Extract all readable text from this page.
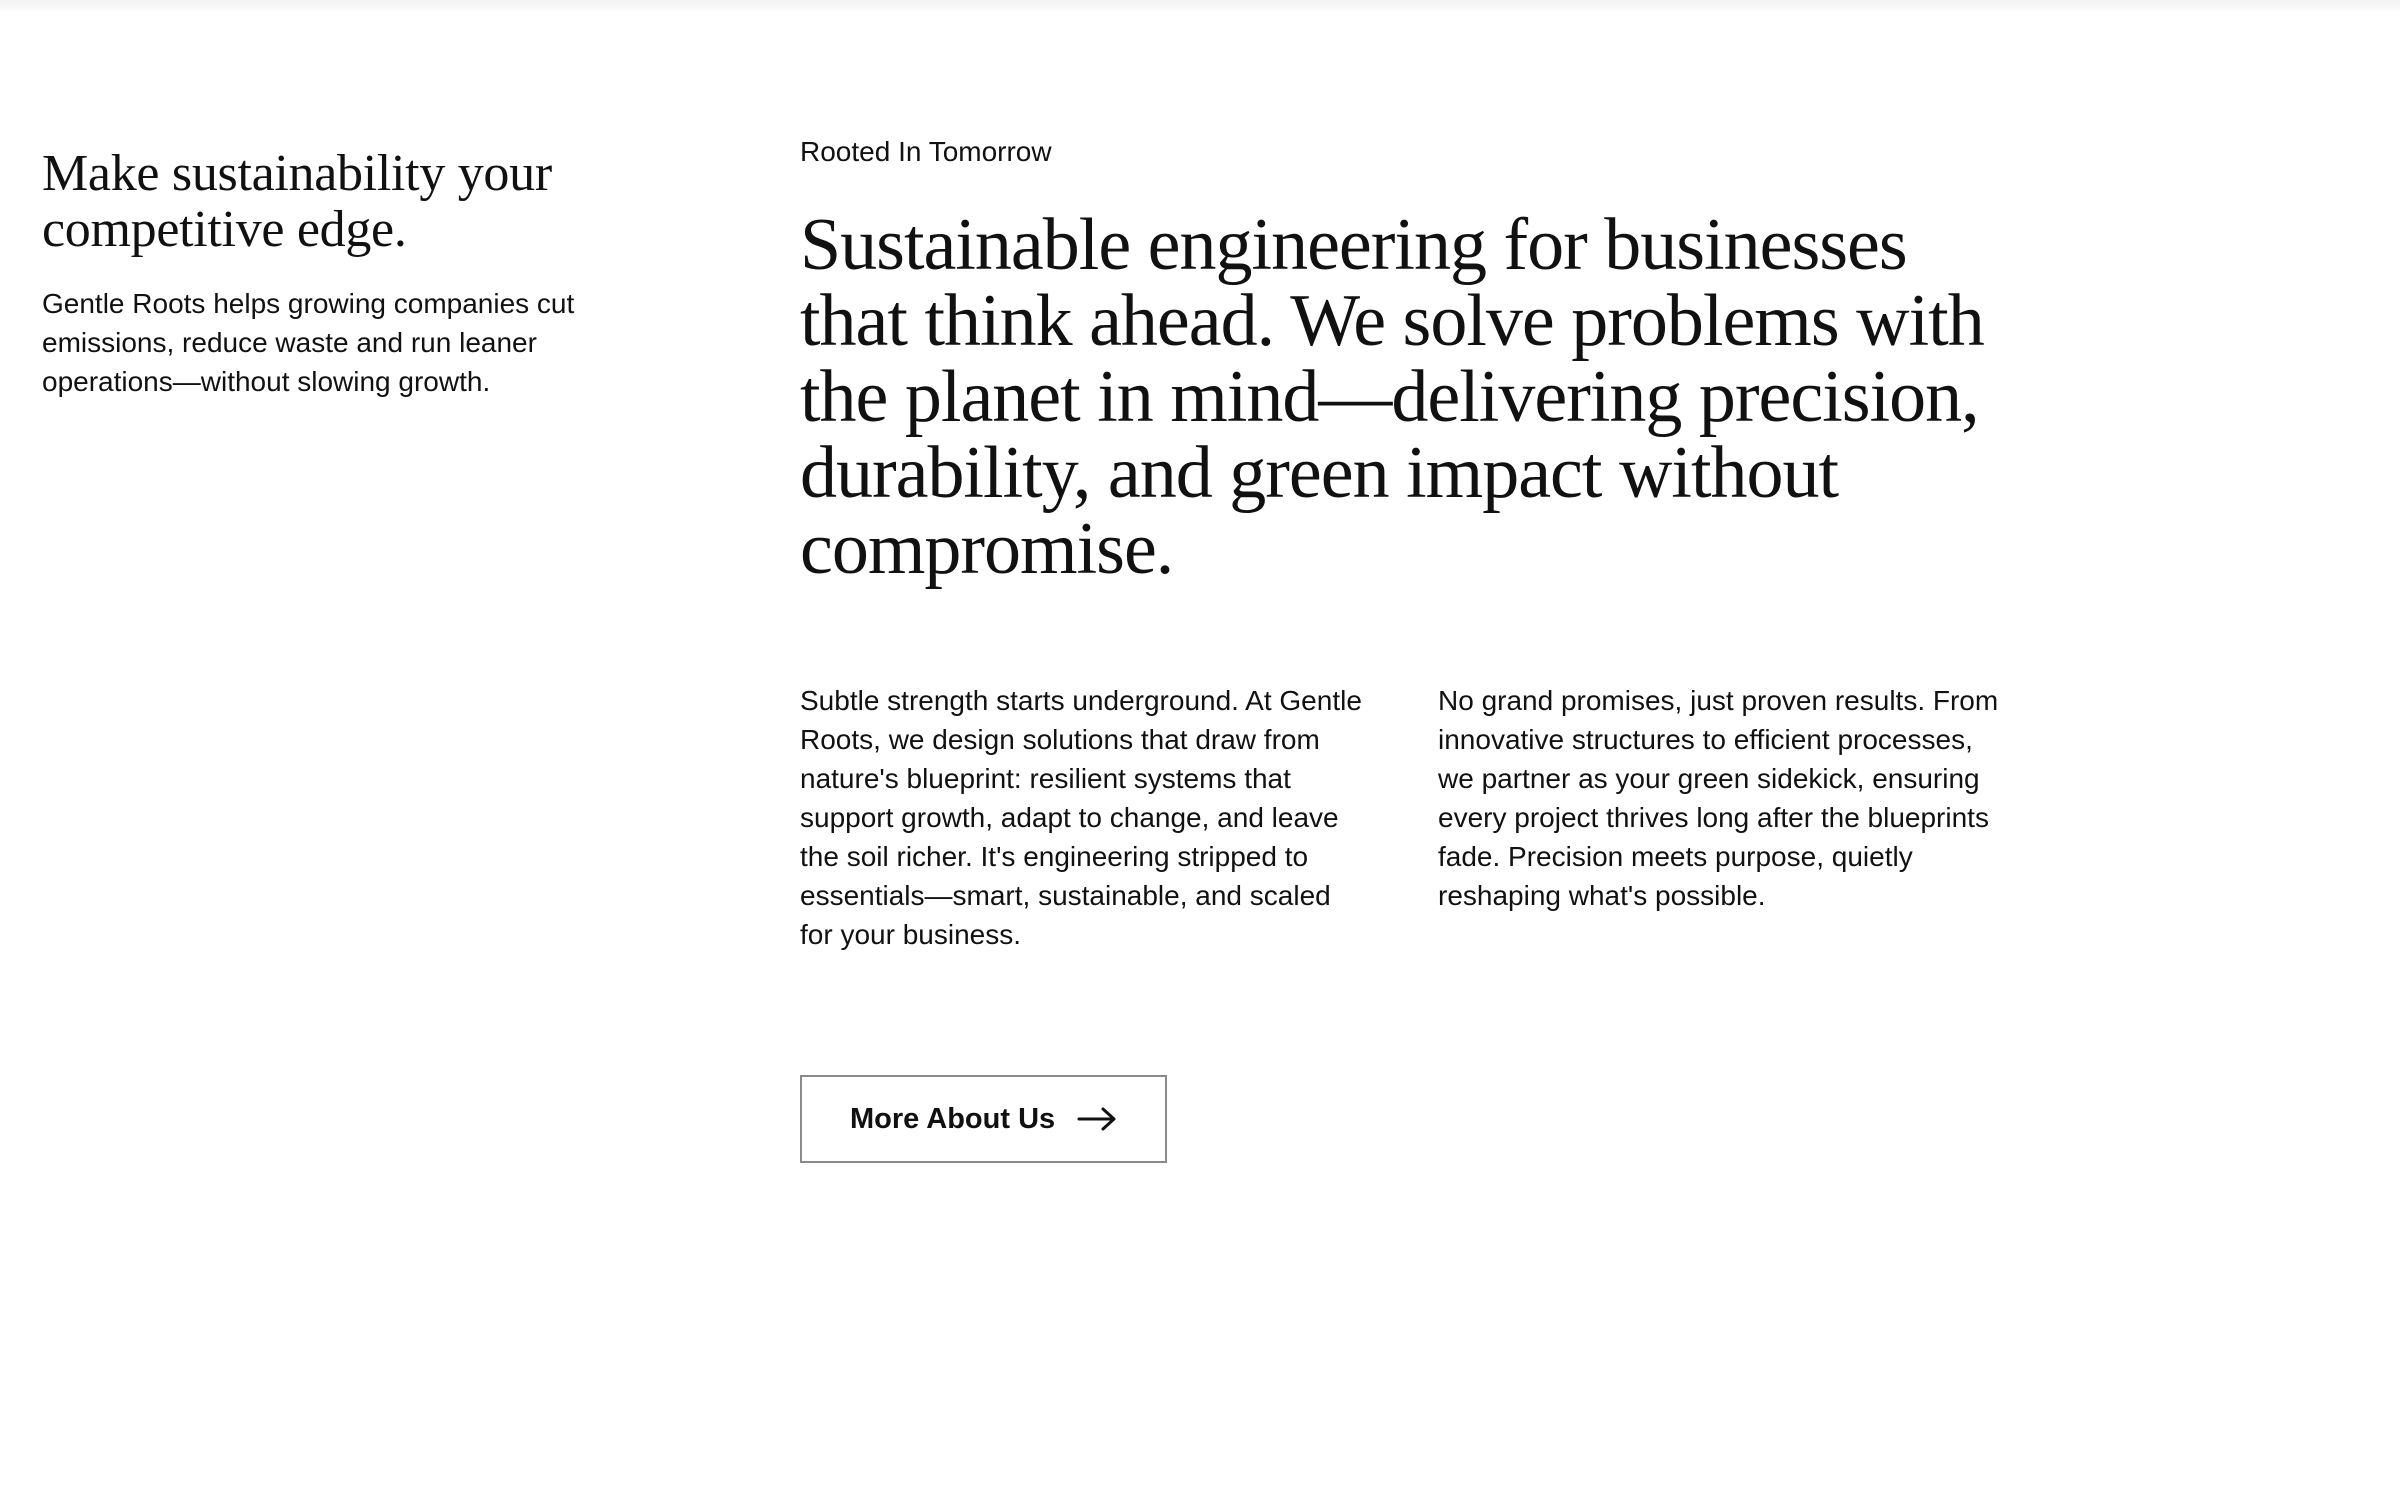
Make sustainability your competitive edge.

Gentle Roots helps growing companies cut emissions, reduce waste and run leaner operations—without slowing growth.

Rooted In Tomorrow
Sustainable engineering for businesses that think ahead. We solve problems with the planet in mind—delivering precision, durability, and green impact without compromise.

Subtle strength starts underground. At Gentle Roots, we design solutions that draw from nature's blueprint: resilient systems that support growth, adapt to change, and leave the soil richer. It's engineering stripped to essentials—smart, sustainable, and scaled for your business.

No grand promises, just proven results. From innovative structures to efficient processes, we partner as your green sidekick, ensuring every project thrives long after the blueprints fade. Precision meets purpose, quietly reshaping what's possible.

More About Us
